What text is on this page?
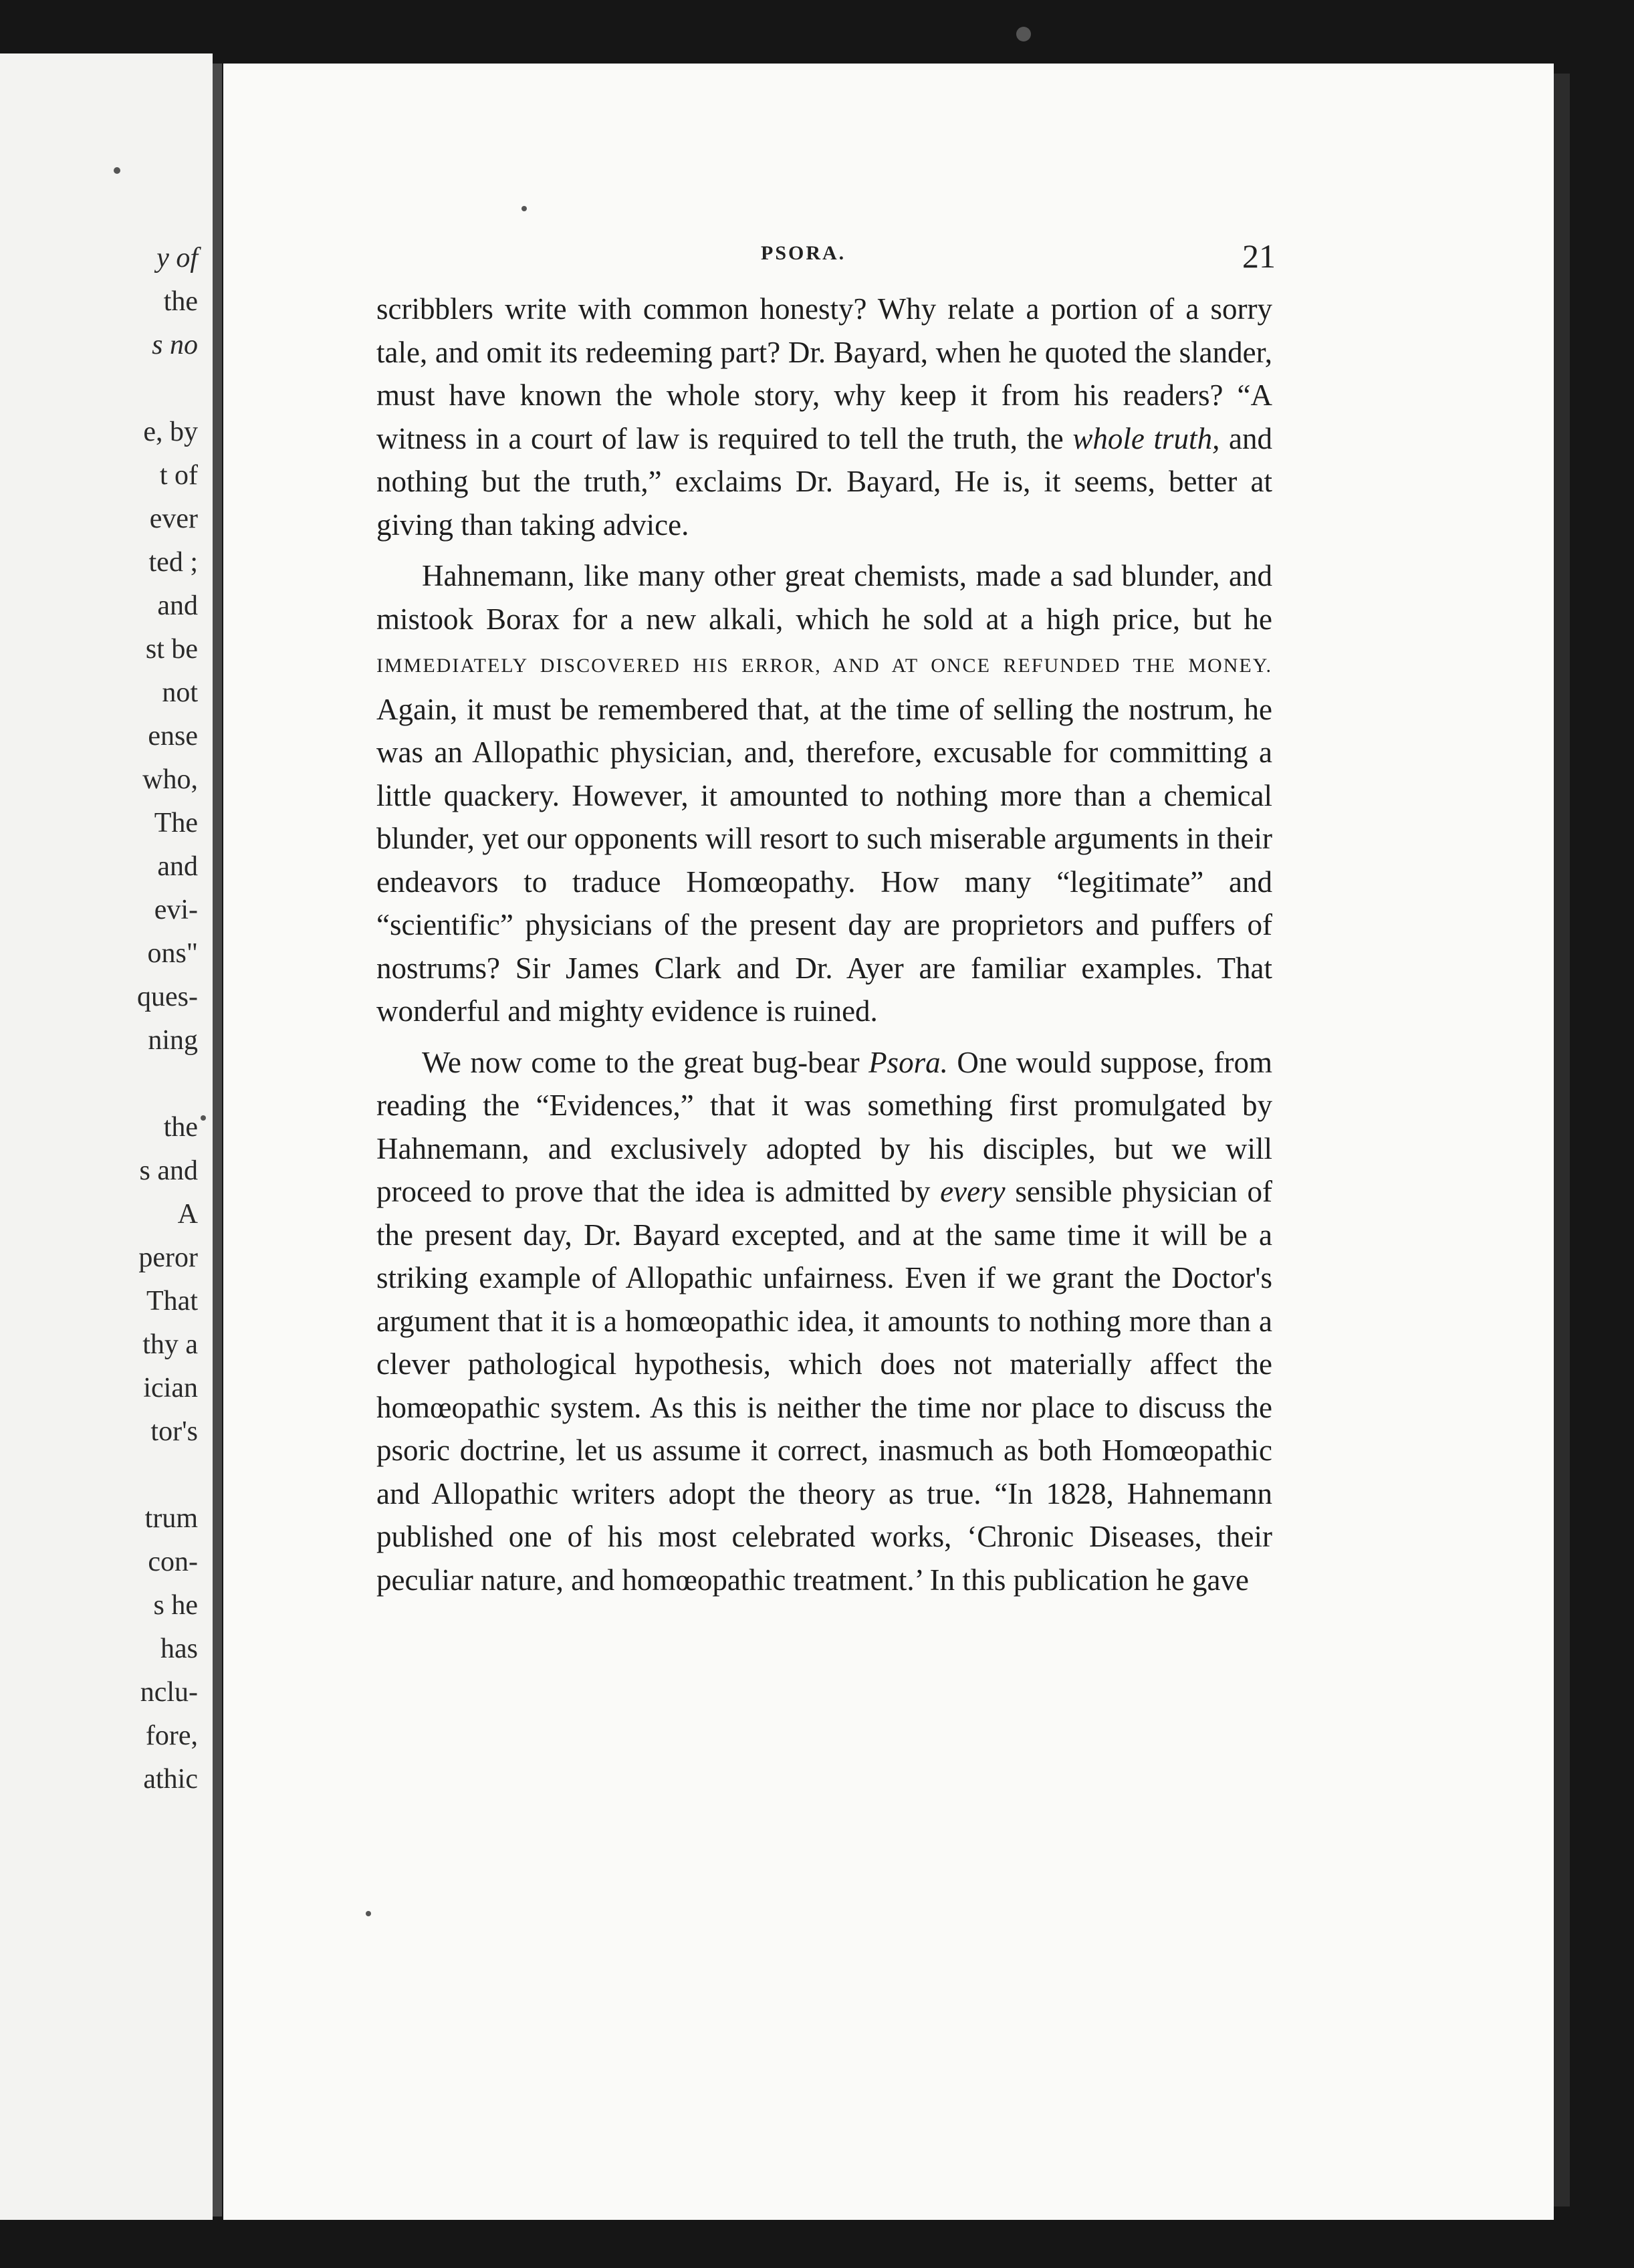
y of
the
s no
e, by
t of
ever
ted ;
and
st be
not
ense
who,
The
and
evi-
ons"
ques-
ning
the
s and
A
peror
That
thy a
ician
tor's
trum
con-
s he
has
nclu-
fore,
athic
PSORA.	21

scribblers write with common honesty? Why relate a portion of a sorry tale, and omit its redeeming part? Dr. Bayard, when he quoted the slander, must have known the whole story, why keep it from his readers? “A witness in a court of law is required to tell the truth, the whole truth, and nothing but the truth,” exclaims Dr. Bayard, He is, it seems, better at giving than taking advice.

Hahnemann, like many other great chemists, made a sad blunder, and mistook Borax for a new alkali, which he sold at a high price, but he IMMEDIATELY DISCOVERED HIS ERROR, AND AT ONCE REFUNDED THE MONEY. Again, it must be remembered that, at the time of selling the nostrum, he was an Allopathic physician, and, therefore, excusable for committing a little quackery. However, it amounted to nothing more than a chemical blunder, yet our opponents will resort to such miserable arguments in their endeavors to traduce Homœopathy. How many “legitimate” and “scientific” physicians of the present day are proprietors and puffers of nostrums? Sir James Clark and Dr. Ayer are familiar examples. That wonderful and mighty evidence is ruined.

We now come to the great bug-bear Psora. One would suppose, from reading the “Evidences,” that it was something first promulgated by Hahnemann, and exclusively adopted by his disciples, but we will proceed to prove that the idea is admitted by every sensible physician of the present day, Dr. Bayard excepted, and at the same time it will be a striking example of Allopathic unfairness. Even if we grant the Doctor's argument that it is a homœopathic idea, it amounts to nothing more than a clever pathological hypothesis, which does not materially affect the homœopathic system. As this is neither the time nor place to discuss the psoric doctrine, let us assume it correct, inasmuch as both Homœopathic and Allopathic writers adopt the theory as true. “In 1828, Hahnemann published one of his most celebrated works, ‘Chronic Diseases, their peculiar nature, and homœopathic treatment.’ In this publication he gave
